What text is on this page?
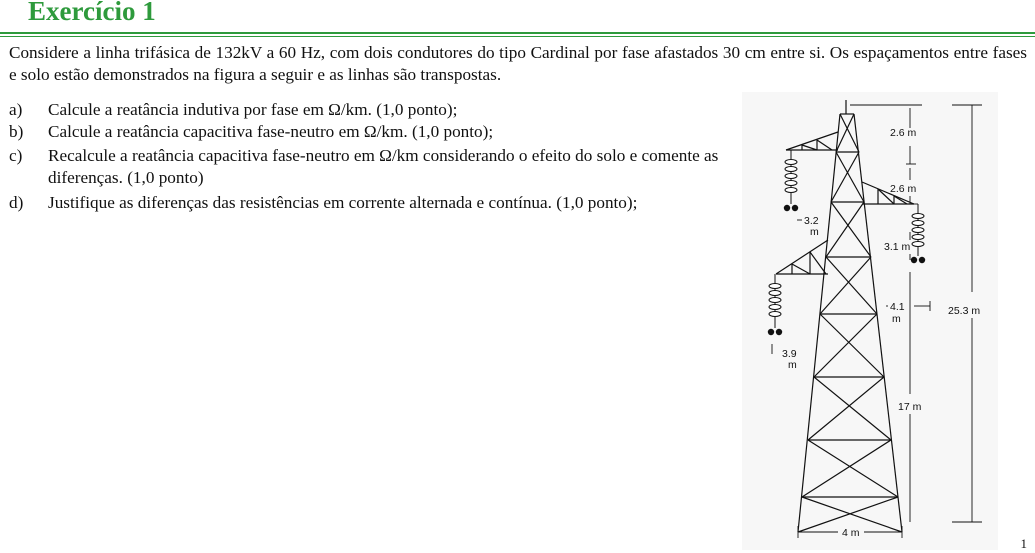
Exercício 1

Considere a linha trifásica de 132kV a 60 Hz, com dois condutores do tipo Cardinal por fase afastados 30 cm entre si. Os espaçamentos entre fases e solo estão demonstrados na figura a seguir e as linhas são transpostas.

a) Calcule a reatância indutiva por fase em Ω/km. (1,0 ponto);
b) Calcule a reatância capacitiva fase-neutro em Ω/km. (1,0 ponto);
c) Recalcule a reatância capacitiva fase-neutro em Ω/km considerando o efeito do solo e comente as diferenças. (1,0 ponto)
d) Justifique as diferenças das resistências em corrente alternada e contínua. (1,0 ponto);
2.6 m
2.6 m
3.2
m
3.1 m
4.1
m
25.3 m
3.9
m
17 m
4 m
1
